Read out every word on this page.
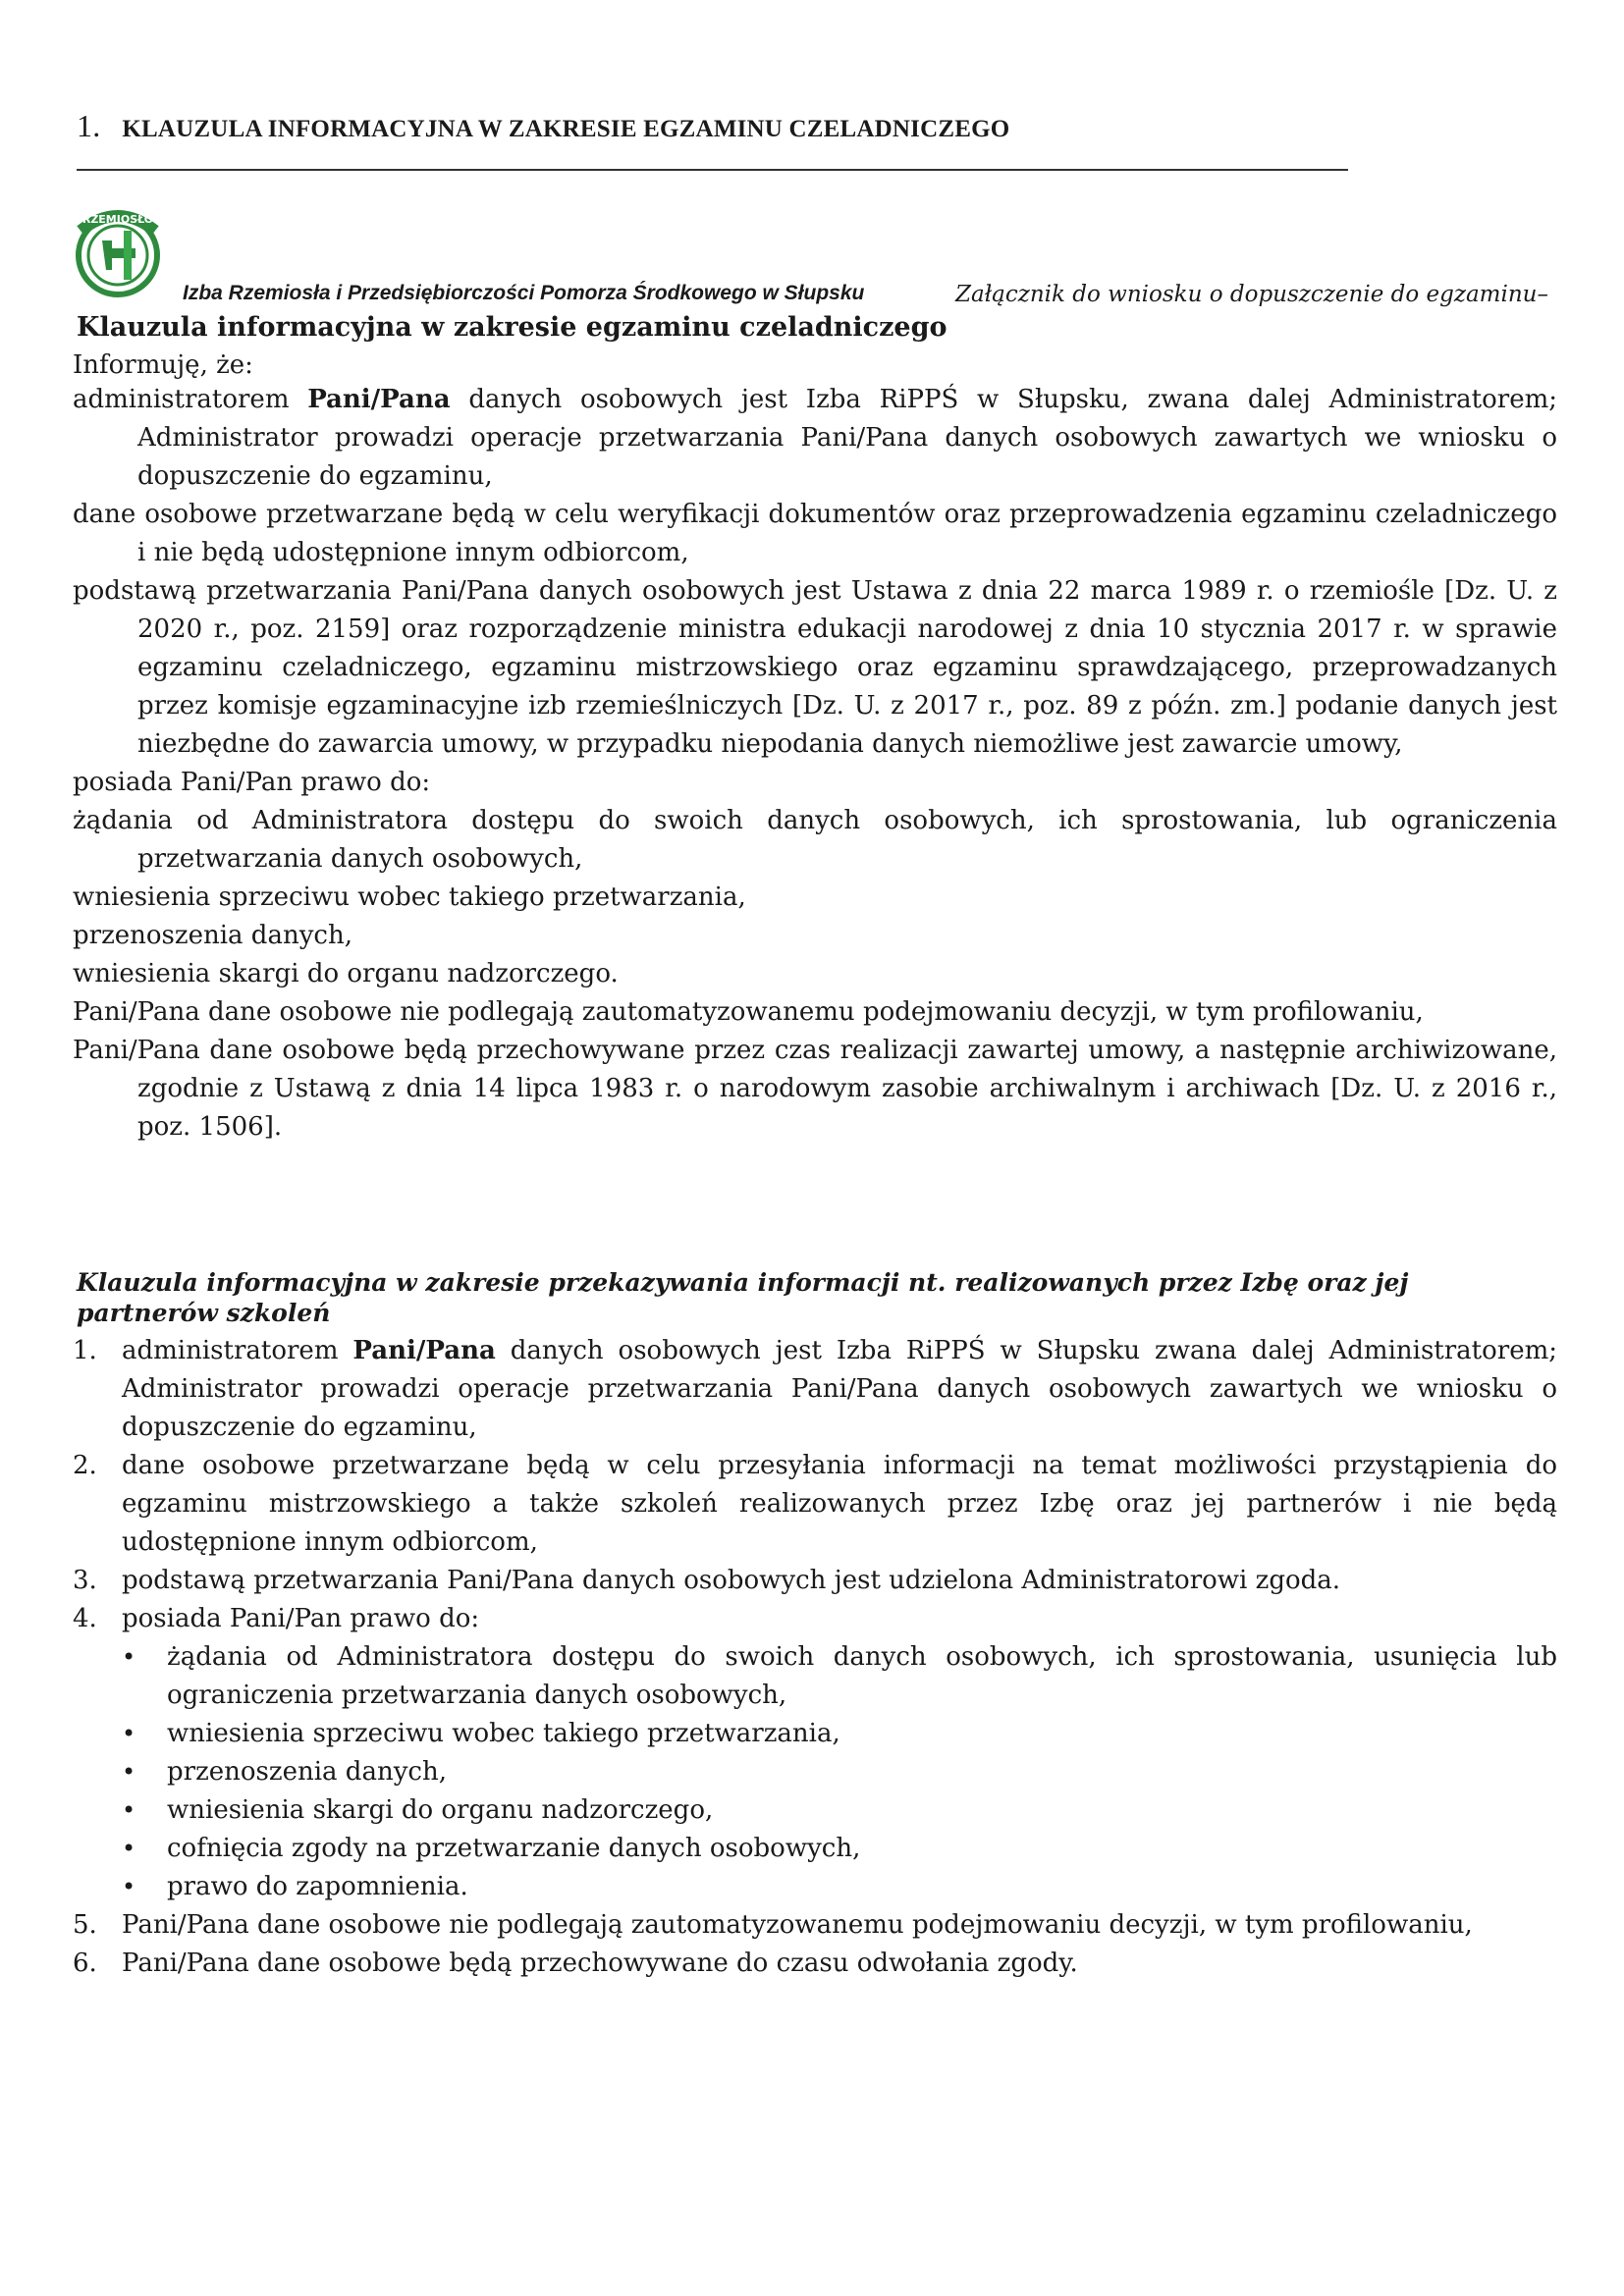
1. KLAUZULA INFORMACYJNA W ZAKRESIE EGZAMINU CZELADNICZEGO
RZEMIOSŁO
Izba Rzemiosła i Przedsiębiorczości Pomorza Środkowego w Słupsku	Załącznik do wniosku o dopuszczenie do egzaminu–
Klauzula informacyjna w zakresie egzaminu czeladniczego
Informuję, że:

administratorem Pani/Pana danych osobowych jest Izba RiPPŚ w Słupsku, zwana dalej Administratorem; Administrator prowadzi operacje przetwarzania Pani/Pana danych osobowych zawartych we wniosku o dopuszczenie do egzaminu,

dane osobowe przetwarzane będą w celu weryfikacji dokumentów oraz przeprowadzenia egzaminu czeladniczego i nie będą udostępnione innym odbiorcom,

podstawą przetwarzania Pani/Pana danych osobowych jest Ustawa z dnia 22 marca 1989 r. o rzemiośle [Dz. U. z 2020 r., poz. 2159] oraz rozporządzenie ministra edukacji narodowej z dnia 10 stycznia 2017 r. w sprawie egzaminu czeladniczego, egzaminu mistrzowskiego oraz egzaminu sprawdzającego, przeprowadzanych przez komisje egzaminacyjne izb rzemieślniczych [Dz. U. z 2017 r., poz. 89 z późn. zm.] podanie danych jest niezbędne do zawarcia umowy, w przypadku niepodania danych niemożliwe jest zawarcie umowy,

posiada Pani/Pan prawo do:

żądania od Administratora dostępu do swoich danych osobowych, ich sprostowania, lub ograniczenia przetwarzania danych osobowych,

wniesienia sprzeciwu wobec takiego przetwarzania,

przenoszenia danych,

wniesienia skargi do organu nadzorczego.

Pani/Pana dane osobowe nie podlegają zautomatyzowanemu podejmowaniu decyzji, w tym profilowaniu,

Pani/Pana dane osobowe będą przechowywane przez czas realizacji zawartej umowy, a następnie archiwizowane, zgodnie z Ustawą z dnia 14 lipca 1983 r. o narodowym zasobie archiwalnym i archiwach [Dz. U. z 2016 r., poz. 1506].

Klauzula informacyjna w zakresie przekazywania informacji nt. realizowanych przez Izbę oraz jej partnerów szkoleń
1. administratorem Pani/Pana danych osobowych jest Izba RiPPŚ w Słupsku zwana dalej Administratorem; Administrator prowadzi operacje przetwarzania Pani/Pana danych osobowych zawartych we wniosku o dopuszczenie do egzaminu,
2. dane osobowe przetwarzane będą w celu przesyłania informacji na temat możliwości przystąpienia do egzaminu mistrzowskiego a także szkoleń realizowanych przez Izbę oraz jej partnerów i nie będą udostępnione innym odbiorcom,
3. podstawą przetwarzania Pani/Pana danych osobowych jest udzielona Administratorowi zgoda.
4. posiada Pani/Pan prawo do:
• żądania od Administratora dostępu do swoich danych osobowych, ich sprostowania, usunięcia lub ograniczenia przetwarzania danych osobowych,
• wniesienia sprzeciwu wobec takiego przetwarzania,
• przenoszenia danych,
• wniesienia skargi do organu nadzorczego,
• cofnięcia zgody na przetwarzanie danych osobowych,
• prawo do zapomnienia.
5. Pani/Pana dane osobowe nie podlegają zautomatyzowanemu podejmowaniu decyzji, w tym profilowaniu,
6. Pani/Pana dane osobowe będą przechowywane do czasu odwołania zgody.
